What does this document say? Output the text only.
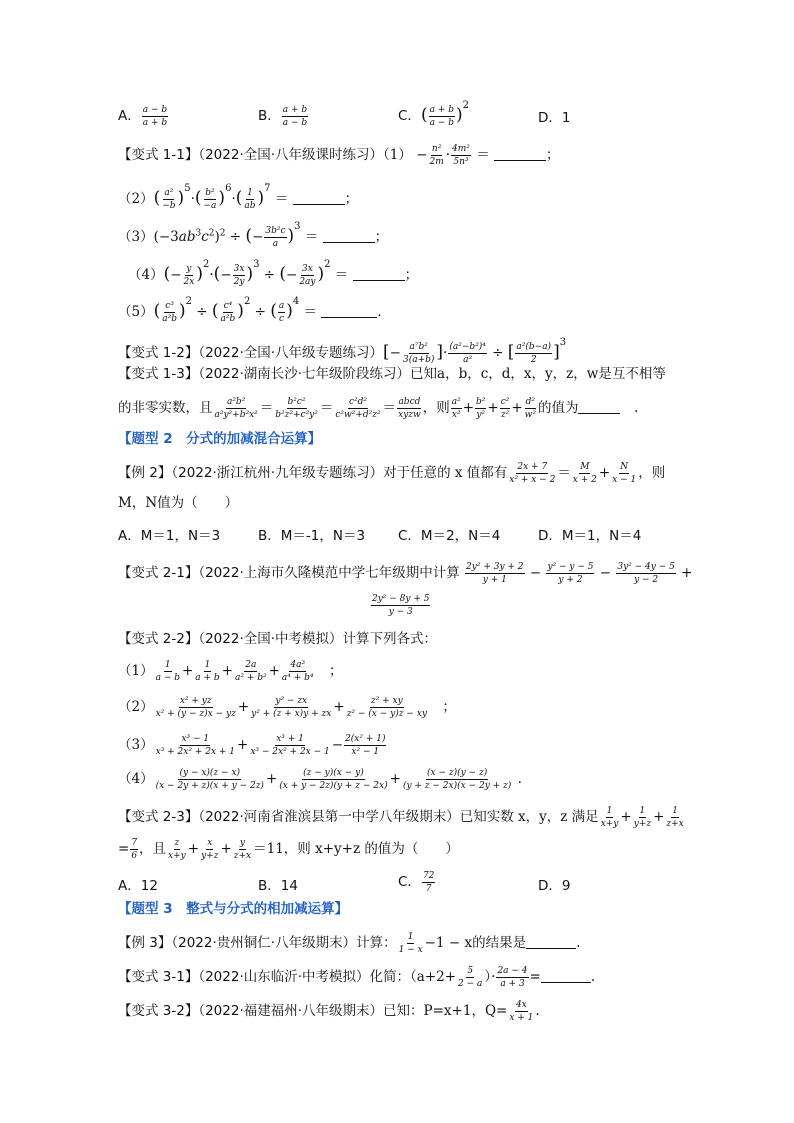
A． $\frac{a - b}{a + b}$	B． $\frac{a + b}{a - b}$	C．( $\frac{a + b}{a - b} )^2$
D．1
【变式 1-1】（2022·全国·八年级课时练习）$(1) - \frac{\text{n²}}{2m} \cdot \frac{\text{4m²}}{\text{5n³}}$ ＝	；
$(2)( \frac{\text{a²}}{-b} )^5\cdot( \frac{\text{b²}}{-a} )^6\cdot( \frac{1}{ab} )^7$ ＝	；
$(3)(-3ab^3c^2)^2$ ÷ (− $\frac{\text{3b²c}}{a} )^3$ ＝	；
$(4)(- \frac{y}{2x} )^2\cdot(- \frac{3x}{2y} )^3$ ÷ (− $\frac{3x}{2ay} )^2$ ＝	；
$(5)( \frac{\text{c³}}{\text{a²b}} )^2$ ÷ ( $\frac{\text{c⁴}}{\text{a²b}} )^2$ ÷ ( $\frac{a}{c} )^4$ ＝	．
【变式 1-2】（2022·全国·八年级专题练习）[− $\frac{\text{a⁷b²}}{3(a+b)}$ ]· $\frac{\text{(a²−b²)⁴}}{\text{a²}}$ ÷ [ $\frac{\text{a²(b−a)}}{2} ]^3$
【变式 1-3】（2022·湖南长沙·七年级阶段练习）已知a，b，c，d，x，y，z，w是互不相等
的非零实数，且 $\frac{\text{a²b²}}{\text{a²y²+b²x²}} = \frac{\text{b²c²}}{\text{b²z²+c²y²}} = \frac{\text{c²d²}}{\text{c²w²+d²z²}}$ ＝ abcd
xyzw ，则 $\frac{\text{a²}}{\text{x²}} + \frac{\text{b²}}{\text{y²}} + \frac{\text{c²}}{\text{z²}} + \frac{\text{d²}}{\text{w²}}$ 的值为	　.
【题型 2　分式的加减混合运算】
【例 2】（2022·浙江杭州·九年级专题练习）对于任意的 x 值都有 $\frac{2x + 7}{\text{x² + x − 2}} = \frac{M}{x + 2} + \frac{N}{x - 1}$ ，则
M，N值为（　　）
A．M＝1，N＝3	B．M＝-1，N＝3 C．M＝2，N＝4	D．M＝1，N＝4
【变式 2-1】（2022·上海市久隆模范中学七年级期中计算 $\frac{\text{2y² + 3y + 2}}{y + 1} - \frac{\text{y² − y − 5}}{y + 2} - \frac{\text{3y² − 4y − 5}}{y - 2}$ +
$\frac{\text{2y² − 8y + 5}}{y - 3}$
【变式 2-2】（2022·全国·中考模拟）计算下列各式：
$(1) \frac{1}{a - b} + \frac{1}{a + b} + \frac{2a}{\text{a² + b²}} + \frac{\text{4a³}}{\text{a⁴ + b⁴}}$ 　；
$(2) \frac{\text{x² + yz}}{\text{x² + (y − z)x − yz}} + \frac{\text{y² − zx}}{\text{y² + (z + x)y + zx}} + \frac{\text{z² + xy}}{\text{z² − (x − y)z − xy}}$ 　；
$(3) \frac{\text{x³ − 1}}{\text{x³ + 2x² + 2x + 1}} + \frac{\text{x³ + 1}}{\text{x³ − 2x² + 2x − 1}} - \frac{\text{2(x² + 1)}}{\text{x² − 1}}$
$(4) \frac{(y - x)(z - x)}{(x - 2y + z)(x + y - 2z)} + \frac{(z - y)(x - y)}{(x + y - 2z)(y + z - 2x)} + \frac{(x - z)(y - z)}{(y + z - 2x)(x - 2y + z)}$ .
【变式 2-3】（2022·河南省淮滨县第一中学八年级期末）已知实数 x，y，z 满足 $\frac{1}{x+y} + \frac{1}{y+z} + \frac{1}{z+x}$
= $\frac{7}{6}$ ，且 $\frac{z}{x+y} + \frac{x}{y+z} + \frac{y}{z+x} =11$，则 x+y+z 的值为（　　）
A．12	B．14	C． $\frac{72}{7}$	D．9
【题型 3　整式与分式的相加减运算】
【例 3】（2022·贵州铜仁·八年级期末）计算： $\frac{1}{1 - x} -1 - x$的结果是	.
【变式 3-1】（2022·山东临沂·中考模拟）化简：（$a+2+ \frac{5}{2 - a}$ ）· $\frac{2a - 4}{a + 3}$ =	.
【变式 3-2】（2022·福建福州·八年级期末）已知：P=x+1，$Q= \frac{4x}{x + 1}$ .
